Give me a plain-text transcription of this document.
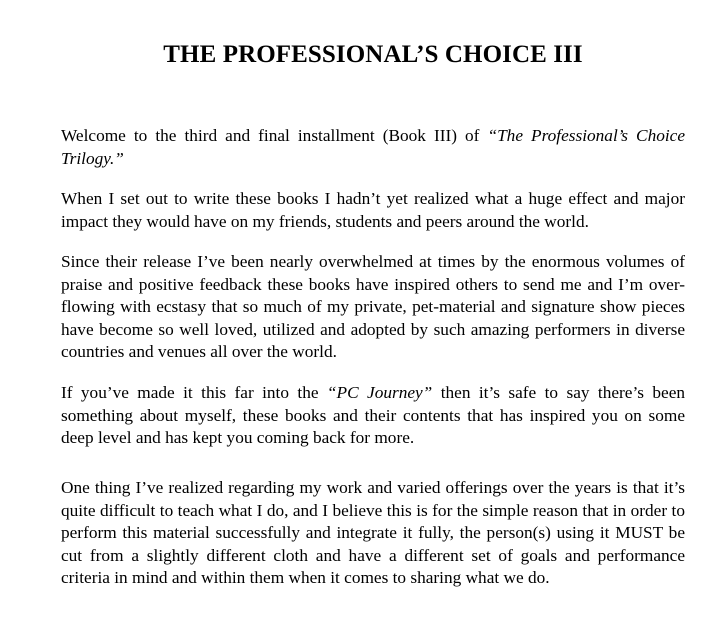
THE PROFESSIONAL’S CHOICE III

Welcome to the third and final installment (Book III) of “The Professional’s Choice Trilogy.”

When I set out to write these books I hadn’t yet realized what a huge effect and major impact they would have on my friends, students and peers around the world.

Since their release I’ve been nearly overwhelmed at times by the enormous volumes of praise and positive feedback these books have inspired others to send me and I’m over-flowing with ecstasy that so much of my private, pet-material and signature show pieces have become so well loved, utilized and adopted by such amazing performers in diverse countries and venues all over the world.

If you’ve made it this far into the “PC Journey” then it’s safe to say there’s been something about myself, these books and their contents that has inspired you on some deep level and has kept you coming back for more.

One thing I’ve realized regarding my work and varied offerings over the years is that it’s quite difficult to teach what I do, and I believe this is for the simple reason that in order to perform this material successfully and integrate it fully, the person(s) using it MUST be cut from a slightly different cloth and have a different set of goals and performance criteria in mind and within them when it comes to sharing what we do.
